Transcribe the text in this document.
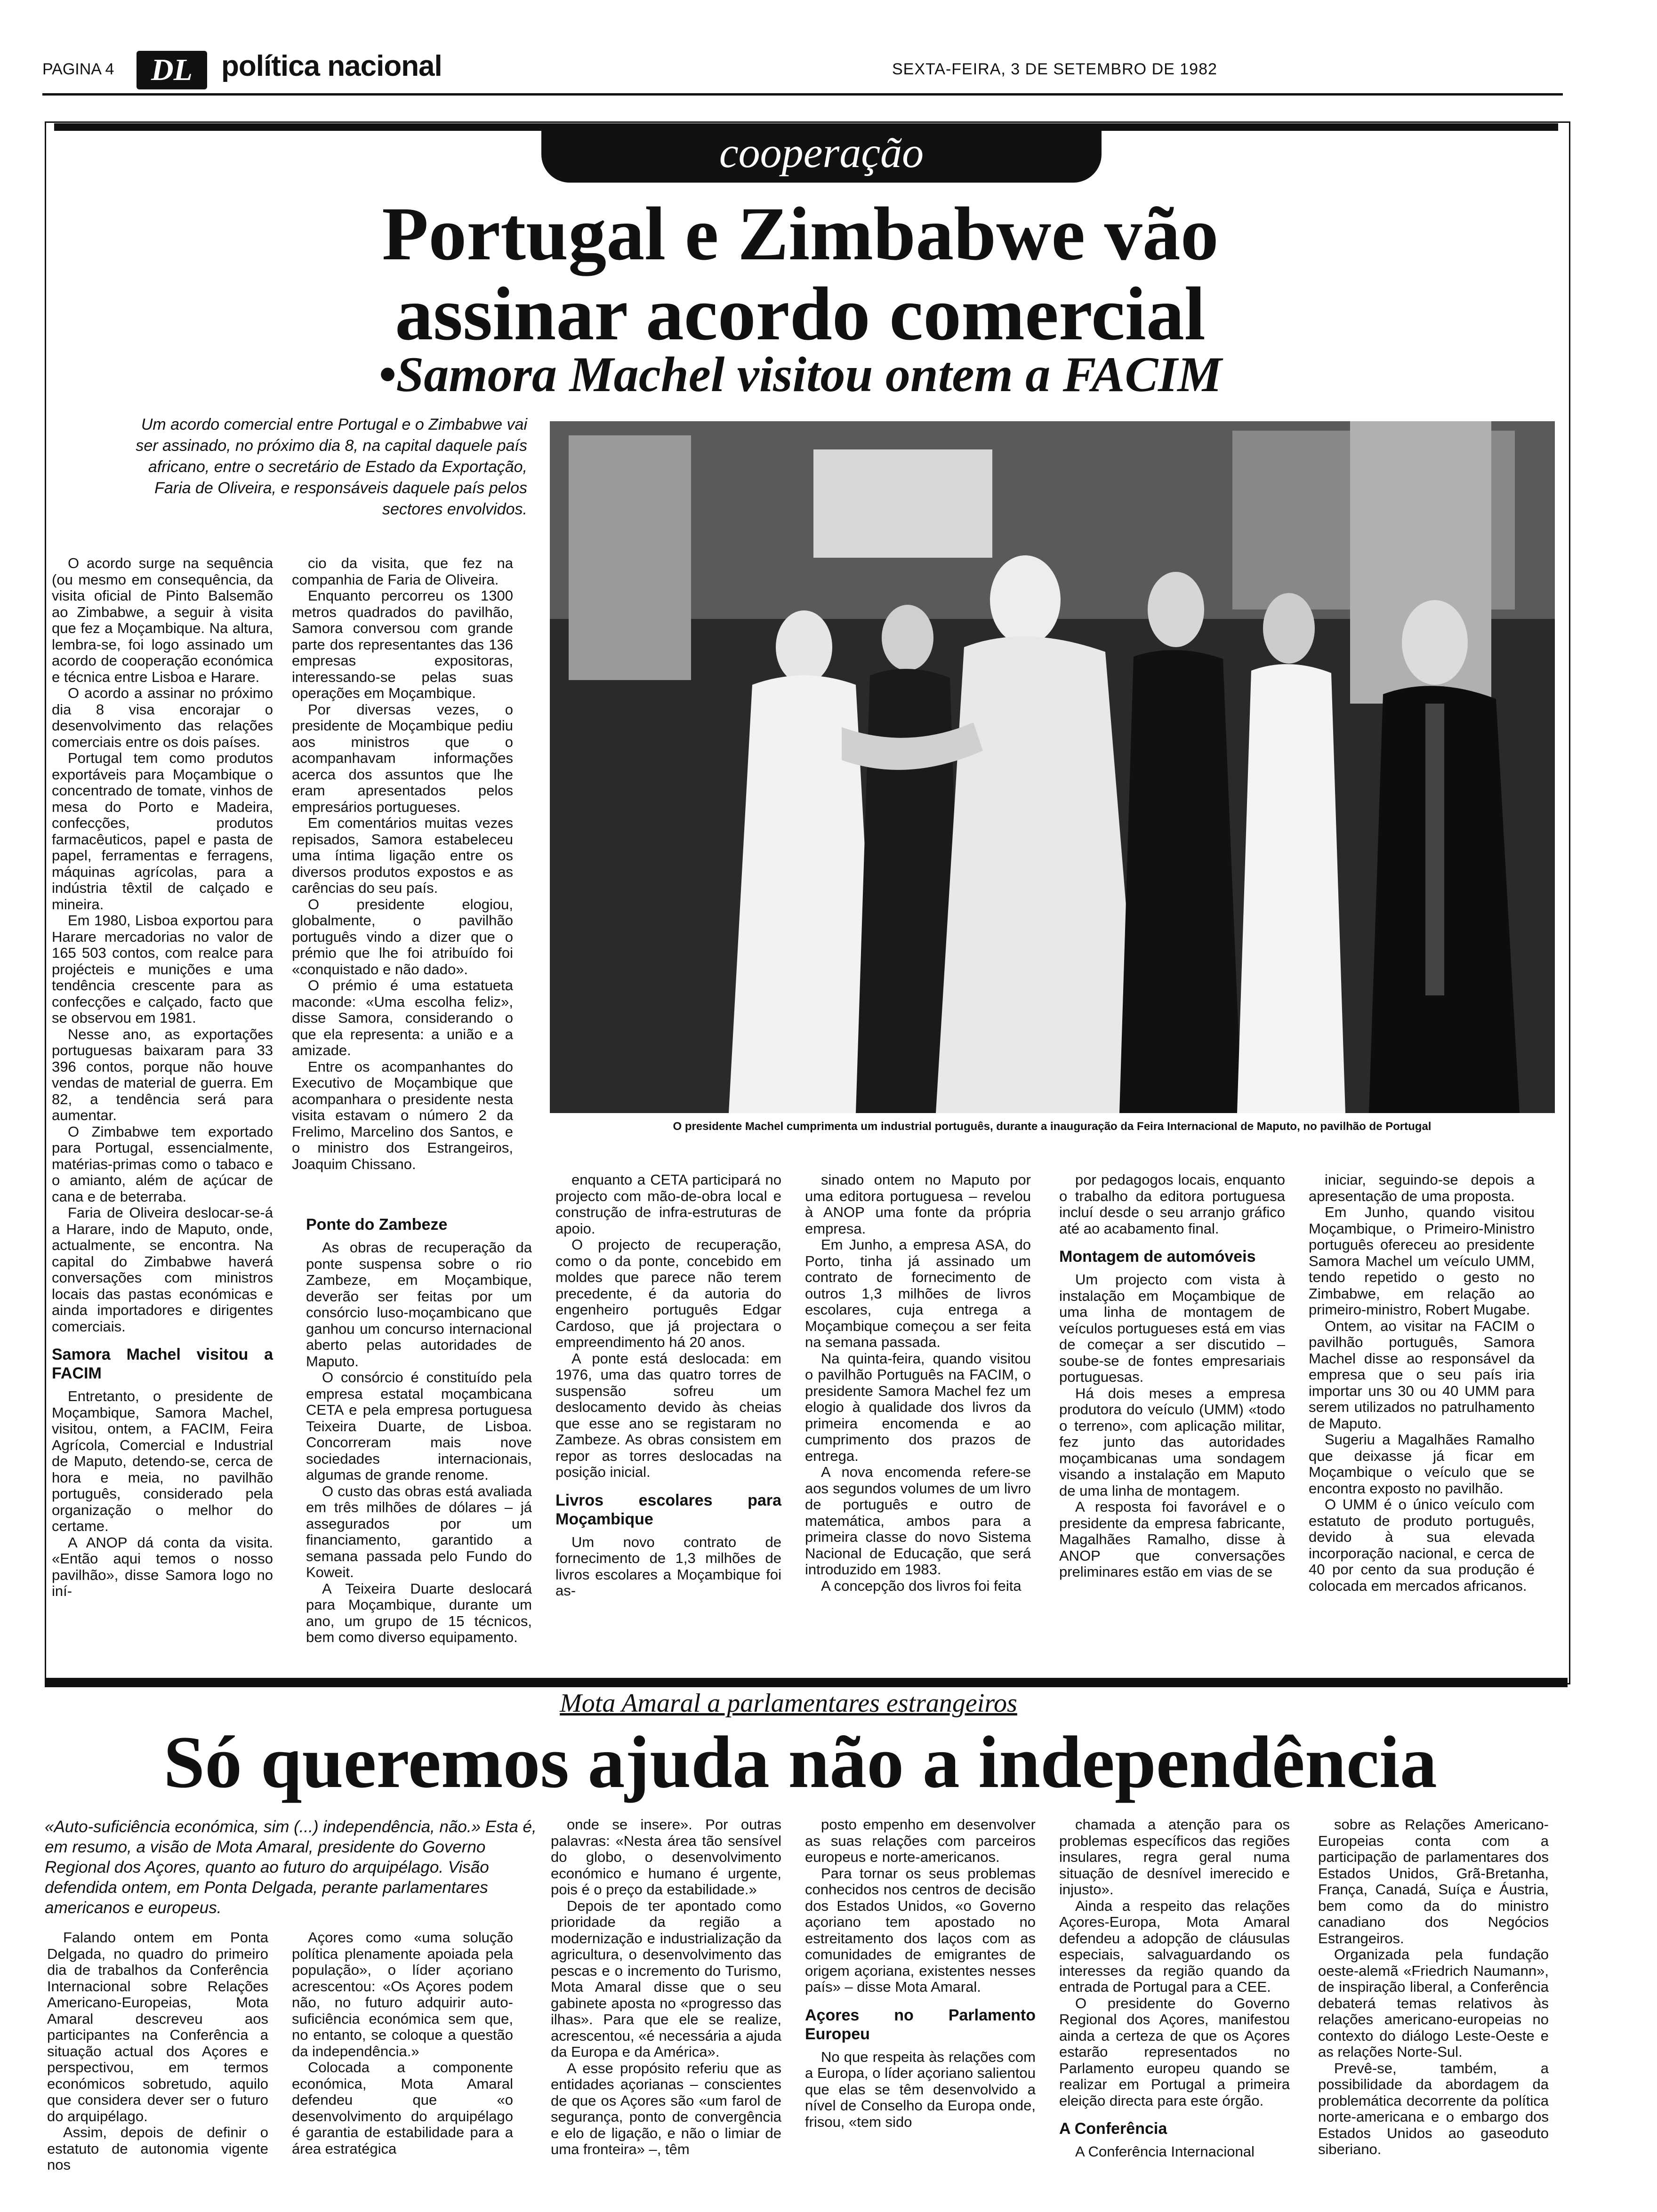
PAGINA 4	DL política nacional	SEXTA-FEIRA, 3 DE SETEMBRO DE 1982
cooperação
Portugal e Zimbabwe vão
assinar acordo comercial
•Samora Machel visitou ontem a FACIM
Um acordo comercial entre Portugal e o Zimbabwe vai ser assinado, no próximo dia 8, na capital daquele país africano, entre o secretário de Estado da Exportação, Faria de Oliveira, e responsáveis daquele país pelos sectores envolvidos.
O presidente Machel cumprimenta um industrial português, durante a inauguração da Feira Internacional de Maputo, no pavilhão de Portugal

O acordo surge na sequência (ou mesmo em consequência, da visita oficial de Pinto Balsemão ao Zimbabwe, a seguir à visita que fez a Moçambique. Na altura, lembra-se, foi logo assinado um acordo de cooperação económica e técnica entre Lisboa e Harare.

O acordo a assinar no próximo dia 8 visa encorajar o desenvolvimento das relações comerciais entre os dois países.

Portugal tem como produtos exportáveis para Moçambique o concentrado de tomate, vinhos de mesa do Porto e Madeira, confecções, produtos farmacêuticos, papel e pasta de papel, ferramentas e ferragens, máquinas agrícolas, para a indústria têxtil de calçado e mineira.

Em 1980, Lisboa exportou para Harare mercadorias no valor de 165 503 contos, com realce para projécteis e munições e uma tendência crescente para as confecções e calçado, facto que se observou em 1981.

Nesse ano, as exportações portuguesas baixaram para 33 396 contos, porque não houve vendas de material de guerra. Em 82, a tendência será para aumentar.

O Zimbabwe tem exportado para Portugal, essencialmente, matérias-primas como o tabaco e o amianto, além de açúcar de cana e de beterraba.

Faria de Oliveira deslocar-se-á a Harare, indo de Maputo, onde, actualmente, se encontra. Na capital do Zimbabwe haverá conversações com ministros locais das pastas económicas e ainda importadores e dirigentes comerciais.

Samora Machel visitou a FACIM

Entretanto, o presidente de Moçambique, Samora Machel, visitou, ontem, a FACIM, Feira Agrícola, Comercial e Industrial de Maputo, detendo-se, cerca de hora e meia, no pavilhão português, considerado pela organização o melhor do certame.

A ANOP dá conta da visita. «Então aqui temos o nosso pavilhão», disse Samora logo no iní-

cio da visita, que fez na companhia de Faria de Oliveira.

Enquanto percorreu os 1300 metros quadrados do pavilhão, Samora conversou com grande parte dos representantes das 136 empresas expositoras, interessando-se pelas suas operações em Moçambique.

Por diversas vezes, o presidente de Moçambique pediu aos ministros que o acompanhavam informações acerca dos assuntos que lhe eram apresentados pelos empresários portugueses.

Em comentários muitas vezes repisados, Samora estabeleceu uma íntima ligação entre os diversos produtos expostos e as carências do seu país.

O presidente elogiou, globalmente, o pavilhão português vindo a dizer que o prémio que lhe foi atribuído foi «conquistado e não dado».

O prémio é uma estatueta maconde: «Uma escolha feliz», disse Samora, considerando o que ela representa: a união e a amizade.

Entre os acompanhantes do Executivo de Moçambique que acompanhara o presidente nesta visita estavam o número 2 da Frelimo, Marcelino dos Santos, e o ministro dos Estrangeiros, Joaquim Chissano.

Ponte do Zambeze

As obras de recuperação da ponte suspensa sobre o rio Zambeze, em Moçambique, deverão ser feitas por um consórcio luso-moçambicano que ganhou um concurso internacional aberto pelas autoridades de Maputo.

O consórcio é constituído pela empresa estatal moçambicana CETA e pela empresa portuguesa Teixeira Duarte, de Lisboa. Concorreram mais nove sociedades internacionais, algumas de grande renome.

O custo das obras está avaliada em três milhões de dólares – já assegurados por um financiamento, garantido a semana passada pelo Fundo do Koweit.

A Teixeira Duarte deslocará para Moçambique, durante um ano, um grupo de 15 técnicos, bem como diverso equipamento.

enquanto a CETA participará no projecto com mão-de-obra local e construção de infra-estruturas de apoio.

O projecto de recuperação, como o da ponte, concebido em moldes que parece não terem precedente, é da autoria do engenheiro português Edgar Cardoso, que já projectara o empreendimento há 20 anos.

A ponte está deslocada: em 1976, uma das quatro torres de suspensão sofreu um deslocamento devido às cheias que esse ano se registaram no Zambeze. As obras consistem em repor as torres deslocadas na posição inicial.

Livros escolares para Moçambique

Um novo contrato de fornecimento de 1,3 milhões de livros escolares a Moçambique foi as-

sinado ontem no Maputo por uma editora portuguesa – revelou à ANOP uma fonte da própria empresa.

Em Junho, a empresa ASA, do Porto, tinha já assinado um contrato de fornecimento de outros 1,3 milhões de livros escolares, cuja entrega a Moçambique começou a ser feita na semana passada.

Na quinta-feira, quando visitou o pavilhão Português na FACIM, o presidente Samora Machel fez um elogio à qualidade dos livros da primeira encomenda e ao cumprimento dos prazos de entrega.

A nova encomenda refere-se aos segundos volumes de um livro de português e outro de matemática, ambos para a primeira classe do novo Sistema Nacional de Educação, que será introduzido em 1983.

A concepção dos livros foi feita

por pedagogos locais, enquanto o trabalho da editora portuguesa incluí desde o seu arranjo gráfico até ao acabamento final.

Montagem de automóveis

Um projecto com vista à instalação em Moçambique de uma linha de montagem de veículos portugueses está em vias de começar a ser discutido – soube-se de fontes empresariais portuguesas.

Há dois meses a empresa produtora do veículo (UMM) «todo o terreno», com aplicação militar, fez junto das autoridades moçambicanas uma sondagem visando a instalação em Maputo de uma linha de montagem.

A resposta foi favorável e o presidente da empresa fabricante, Magalhães Ramalho, disse à ANOP que conversações preliminares estão em vias de se

iniciar, seguindo-se depois a apresentação de uma proposta.

Em Junho, quando visitou Moçambique, o Primeiro-Ministro português ofereceu ao presidente Samora Machel um veículo UMM, tendo repetido o gesto no Zimbabwe, em relação ao primeiro-ministro, Robert Mugabe.

Ontem, ao visitar na FACIM o pavilhão português, Samora Machel disse ao responsável da empresa que o seu país iria importar uns 30 ou 40 UMM para serem utilizados no patrulhamento de Maputo.

Sugeriu a Magalhães Ramalho que deixasse já ficar em Moçambique o veículo que se encontra exposto no pavilhão.

O UMM é o único veículo com estatuto de produto português, devido à sua elevada incorporação nacional, e cerca de 40 por cento da sua produção é colocada em mercados africanos.

Mota Amaral a parlamentares estrangeiros
Só queremos ajuda não a independência
«Auto-suficiência económica, sim (...) independência, não.» Esta é, em resumo, a visão de Mota Amaral, presidente do Governo Regional dos Açores, quanto ao futuro do arquipélago. Visão defendida ontem, em Ponta Delgada, perante parlamentares americanos e europeus.

Falando ontem em Ponta Delgada, no quadro do primeiro dia de trabalhos da Conferência Internacional sobre Relações Americano-Europeias, Mota Amaral descreveu aos participantes na Conferência a situação actual dos Açores e perspectivou, em termos económicos sobretudo, aquilo que considera dever ser o futuro do arquipélago.

Assim, depois de definir o estatuto de autonomia vigente nos

Açores como «uma solução política plenamente apoiada pela população», o líder açoriano acrescentou: «Os Açores podem não, no futuro adquirir auto-suficiência económica sem que, no entanto, se coloque a questão da independência.»

Colocada a componente económica, Mota Amaral defendeu que «o desenvolvimento do arquipélago é garantia de estabilidade para a área estratégica

onde se insere». Por outras palavras: «Nesta área tão sensível do globo, o desenvolvimento económico e humano é urgente, pois é o preço da estabilidade.»

Depois de ter apontado como prioridade da região a modernização e industrialização da agricultura, o desenvolvimento das pescas e o incremento do Turismo, Mota Amaral disse que o seu gabinete aposta no «progresso das ilhas». Para que ele se realize, acrescentou, «é necessária a ajuda da Europa e da América».

A esse propósito referiu que as entidades açorianas – conscientes de que os Açores são «um farol de segurança, ponto de convergência e elo de ligação, e não o limiar de uma fronteira» –, têm

posto empenho em desenvolver as suas relações com parceiros europeus e norte-americanos.

Para tornar os seus problemas conhecidos nos centros de decisão dos Estados Unidos, «o Governo açoriano tem apostado no estreitamento dos laços com as comunidades de emigrantes de origem açoriana, existentes nesses país» – disse Mota Amaral.

Açores no Parlamento Europeu

No que respeita às relações com a Europa, o líder açoriano salientou que elas se têm desenvolvido a nível de Conselho da Europa onde, frisou, «tem sido

chamada a atenção para os problemas específicos das regiões insulares, regra geral numa situação de desnível imerecido e injusto».

Ainda a respeito das relações Açores-Europa, Mota Amaral defendeu a adopção de cláusulas especiais, salvaguardando os interesses da região quando da entrada de Portugal para a CEE.

O presidente do Governo Regional dos Açores, manifestou ainda a certeza de que os Açores estarão representados no Parlamento europeu quando se realizar em Portugal a primeira eleição directa para este órgão.

A Conferência

A Conferência Internacional

sobre as Relações Americano-Europeias conta com a participação de parlamentares dos Estados Unidos, Grã-Bretanha, França, Canadá, Suíça e Áustria, bem como da do ministro canadiano dos Negócios Estrangeiros.

Organizada pela fundação oeste-alemã «Friedrich Naumann», de inspiração liberal, a Conferência debaterá temas relativos às relações americano-europeias no contexto do diálogo Leste-Oeste e as relações Norte-Sul.

Prevê-se, também, a possibilidade da abordagem da problemática decorrente da política norte-americana e o embargo dos Estados Unidos ao gaseoduto siberiano.
